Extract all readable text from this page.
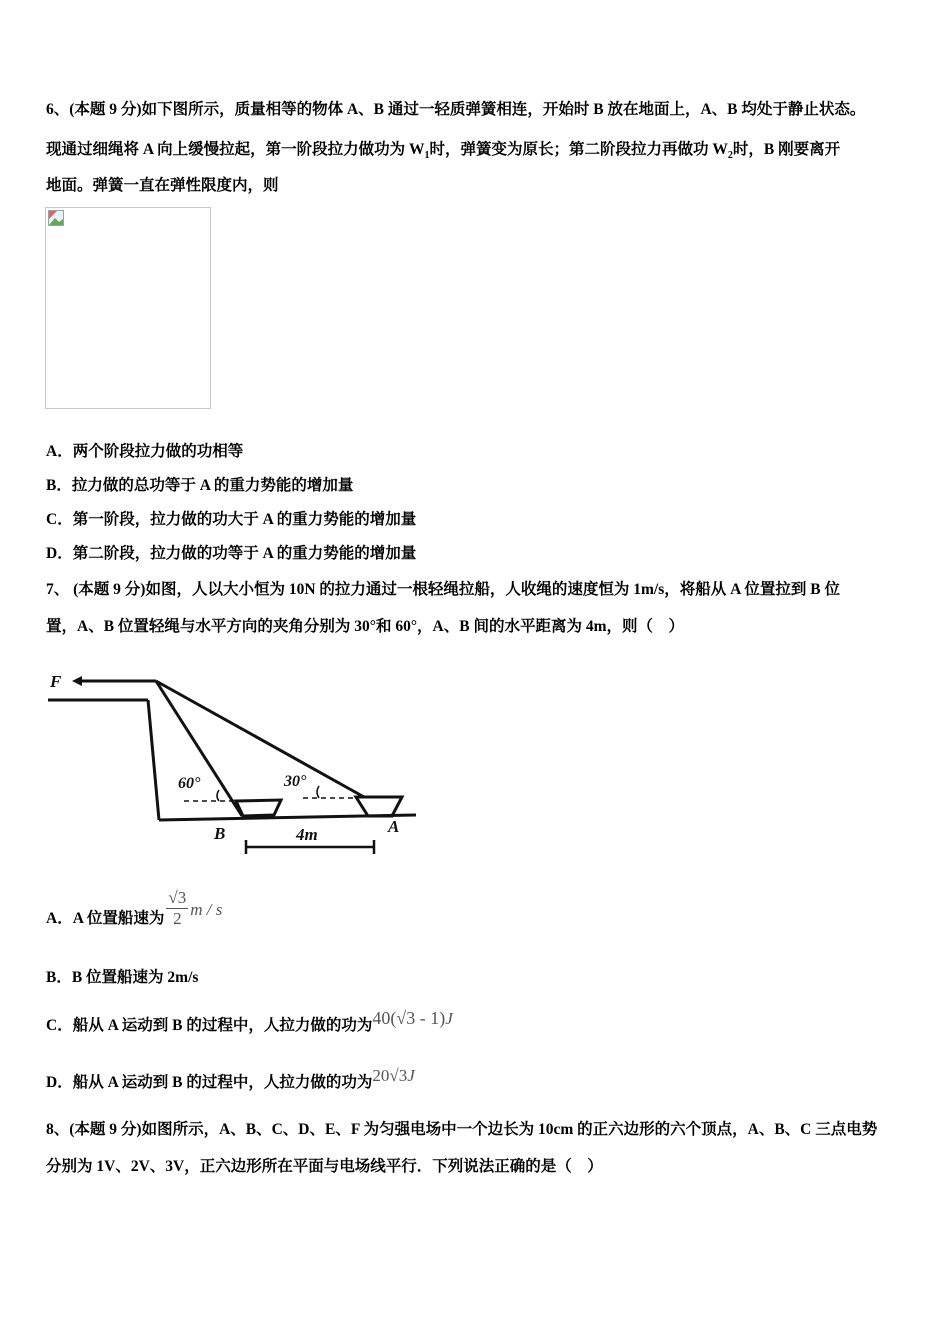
6、(本题 9 分)如下图所示，质量相等的物体 A、B 通过一轻质弹簧相连，开始时 B 放在地面上，A、B 均处于静止状态。
现通过细绳将 A 向上缓慢拉起，第一阶段拉力做功为 $W_1$时，弹簧变为原长；第二阶段拉力再做功 $W_2$时，B 刚要离开
地面。弹簧一直在弹性限度内，则
A．两个阶段拉力做的功相等
B．拉力做的总功等于 A 的重力势能的增加量
C．第一阶段，拉力做的功大于 A 的重力势能的增加量
D．第二阶段，拉力做的功等于 A 的重力势能的增加量
7、 (本题 9 分)如图，人以大小恒为 10N 的拉力通过一根轻绳拉船，人收绳的速度恒为 1m/s，将船从 A 位置拉到 B 位
置，A、B 位置轻绳与水平方向的夹角分别为 30°和 60°，A、B 间的水平距离为 4m，则（　）
F
60°	30°
B	A
4m
A．A 位置船速为 $\frac{√3}{2}$ m / s
B．B 位置船速为 2m/s
C．船从 A 运动到 B 的过程中，人拉力做的功为40(√3 - 1)J
D．船从 A 运动到 B 的过程中，人拉力做的功为20√3J
8、(本题 9 分)如图所示，A、B、C、D、E、F 为匀强电场中一个边长为 10cm 的正六边形的六个顶点，A、B、C 三点电势
分别为 1V、2V、3V，正六边形所在平面与电场线平行．下列说法正确的是（　）
